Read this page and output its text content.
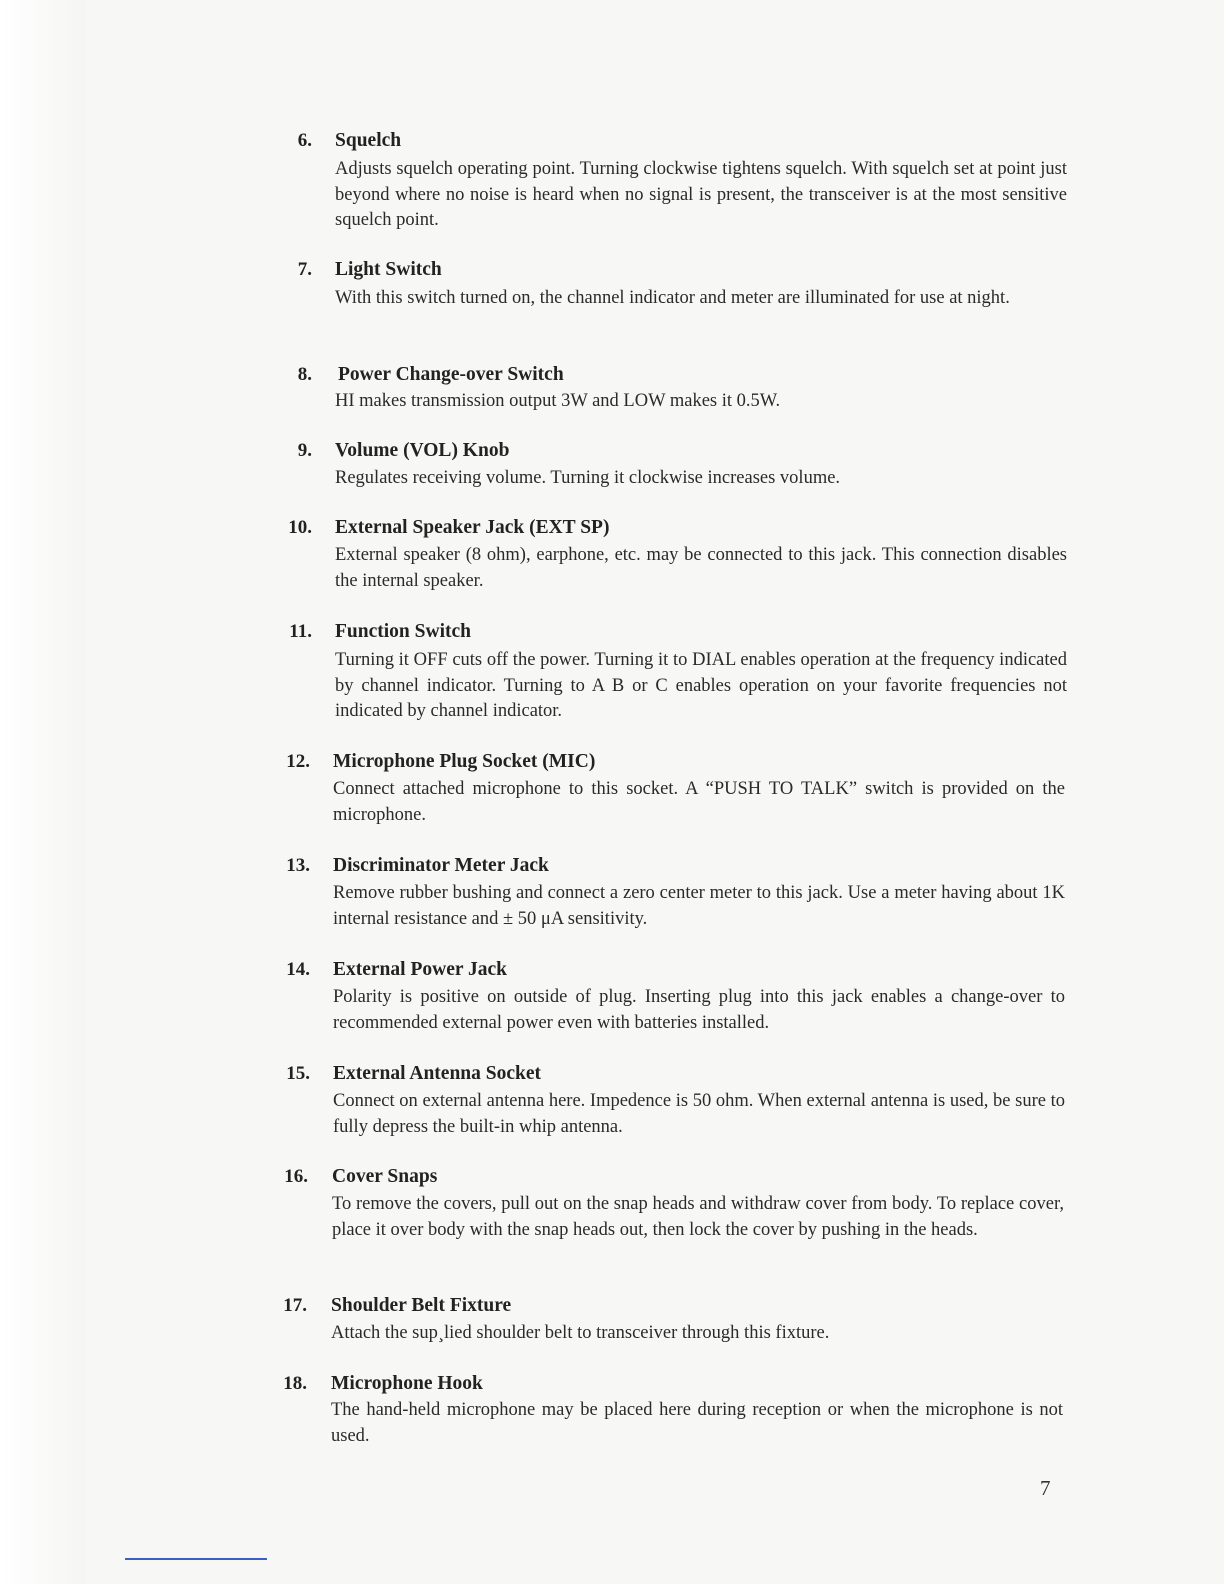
6. Squelch
Adjusts squelch operating point. Turning clockwise tightens squelch. With squelch set at point just beyond where no noise is heard when no signal is present, the transceiver is at the most sensitive squelch point.
7. Light Switch
With this switch turned on, the channel indicator and meter are illuminated for use at night.
8. Power Change-over Switch
HI makes transmission output 3W and LOW makes it 0.5W.
9. Volume (VOL) Knob
Regulates receiving volume. Turning it clockwise increases volume.
10. External Speaker Jack (EXT SP)
External speaker (8 ohm), earphone, etc. may be connected to this jack. This connection disables the internal speaker.
11. Function Switch
Turning it OFF cuts off the power. Turning it to DIAL enables operation at the frequency indicated by channel indicator. Turning to A B or C enables operation on your favorite frequencies not indicated by channel indicator.
12. Microphone Plug Socket (MIC)
Connect attached microphone to this socket. A “PUSH TO TALK” switch is provided on the microphone.
13. Discriminator Meter Jack
Remove rubber bushing and connect a zero center meter to this jack. Use a meter having about 1K internal resistance and ± 50 μA sensitivity.
14. External Power Jack
Polarity is positive on outside of plug. Inserting plug into this jack enables a change-over to recommended external power even with batteries installed.
15. External Antenna Socket
Connect on external antenna here. Impedence is 50 ohm. When external antenna is used, be sure to fully depress the built-in whip antenna.
16. Cover Snaps
To remove the covers, pull out on the snap heads and withdraw cover from body. To replace cover, place it over body with the snap heads out, then lock the cover by pushing in the heads.
17. Shoulder Belt Fixture
Attach the sup¸lied shoulder belt to transceiver through this fixture.
18. Microphone Hook
The hand-held microphone may be placed here during reception or when the microphone is not used.
7
